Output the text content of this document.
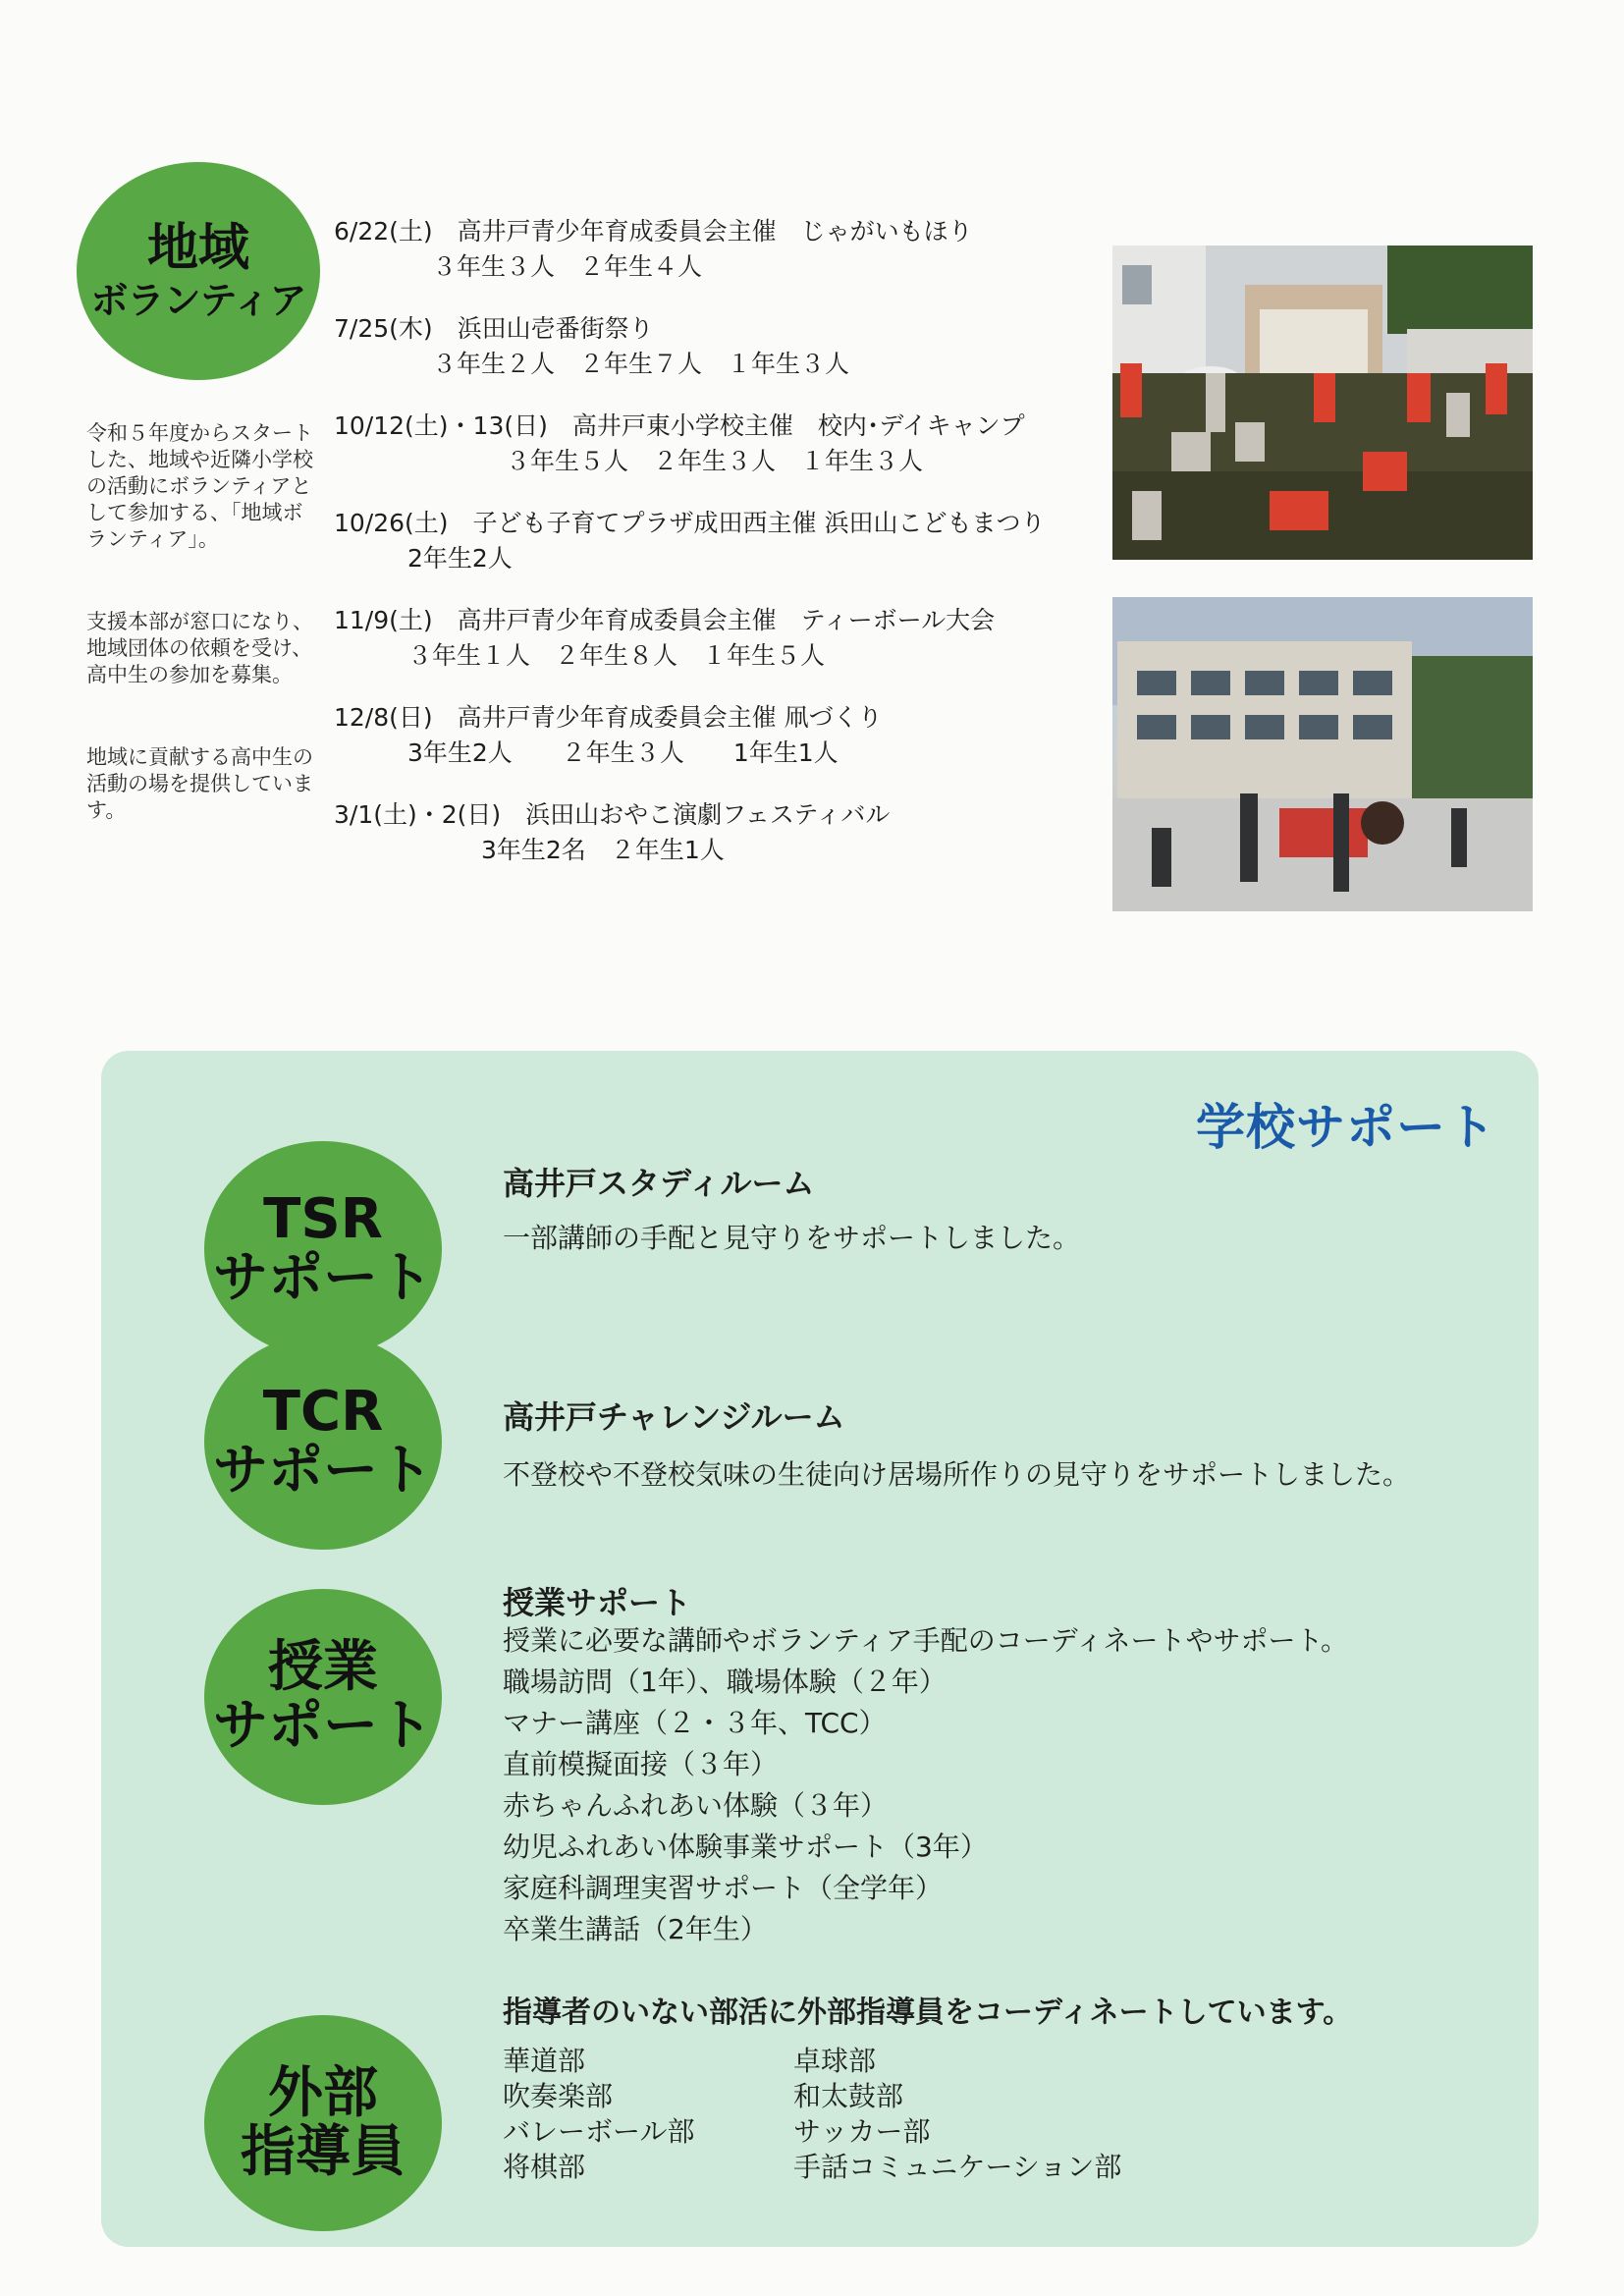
地域
ボランティア

令和５年度からスタートした、地域や近隣小学校の活動にボランティアとして参加する、「地域ボランティア」。

支援本部が窓口になり、地域団体の依頼を受け、高中生の参加を募集。

地域に貢献する高中生の活動の場を提供しています。

6/22(土)　高井戸青少年育成委員会主催　じゃがいもほり
　　　　３年生３人　２年生４人
7/25(木)　浜田山壱番街祭り
　　　　３年生２人　２年生７人　１年生３人
10/12(土)・13(日)　高井戸東小学校主催　校内･デイキャンプ
　　　　　　　３年生５人　２年生３人　１年生３人
10/26(土)　子ども子育てプラザ成田西主催 浜田山こどもまつり
　　　2年生2人
11/9(土)　高井戸青少年育成委員会主催　ティーボール大会
　　　３年生１人　２年生８人　１年生５人
12/8(日)　高井戸青少年育成委員会主催 凧づくり
　　　3年生2人　　２年生３人　　1年生1人
3/1(土)・2(日)　浜田山おやこ演劇フェスティバル
　　　　　　3年生2名　２年生1人
学校サポート
TSR
サポート
高井戸スタディルーム
一部講師の手配と見守りをサポートしました。
TCR
サポート
高井戸チャレンジルーム
不登校や不登校気味の生徒向け居場所作りの見守りをサポートしました。
授業
サポート
授業サポート
授業に必要な講師やボランティア手配のコーディネートやサポート。
職場訪問（1年）、職場体験（２年）
マナー講座（２・３年、TCC）
直前模擬面接（３年）
赤ちゃんふれあい体験（３年）
幼児ふれあい体験事業サポート（3年）
家庭科調理実習サポート（全学年）
卒業生講話（2年生）
外部
指導員
指導者のいない部活に外部指導員をコーディネートしています。
華道部
吹奏楽部
バレーボール部
将棋部
卓球部
和太鼓部
サッカー部
手話コミュニケーション部
